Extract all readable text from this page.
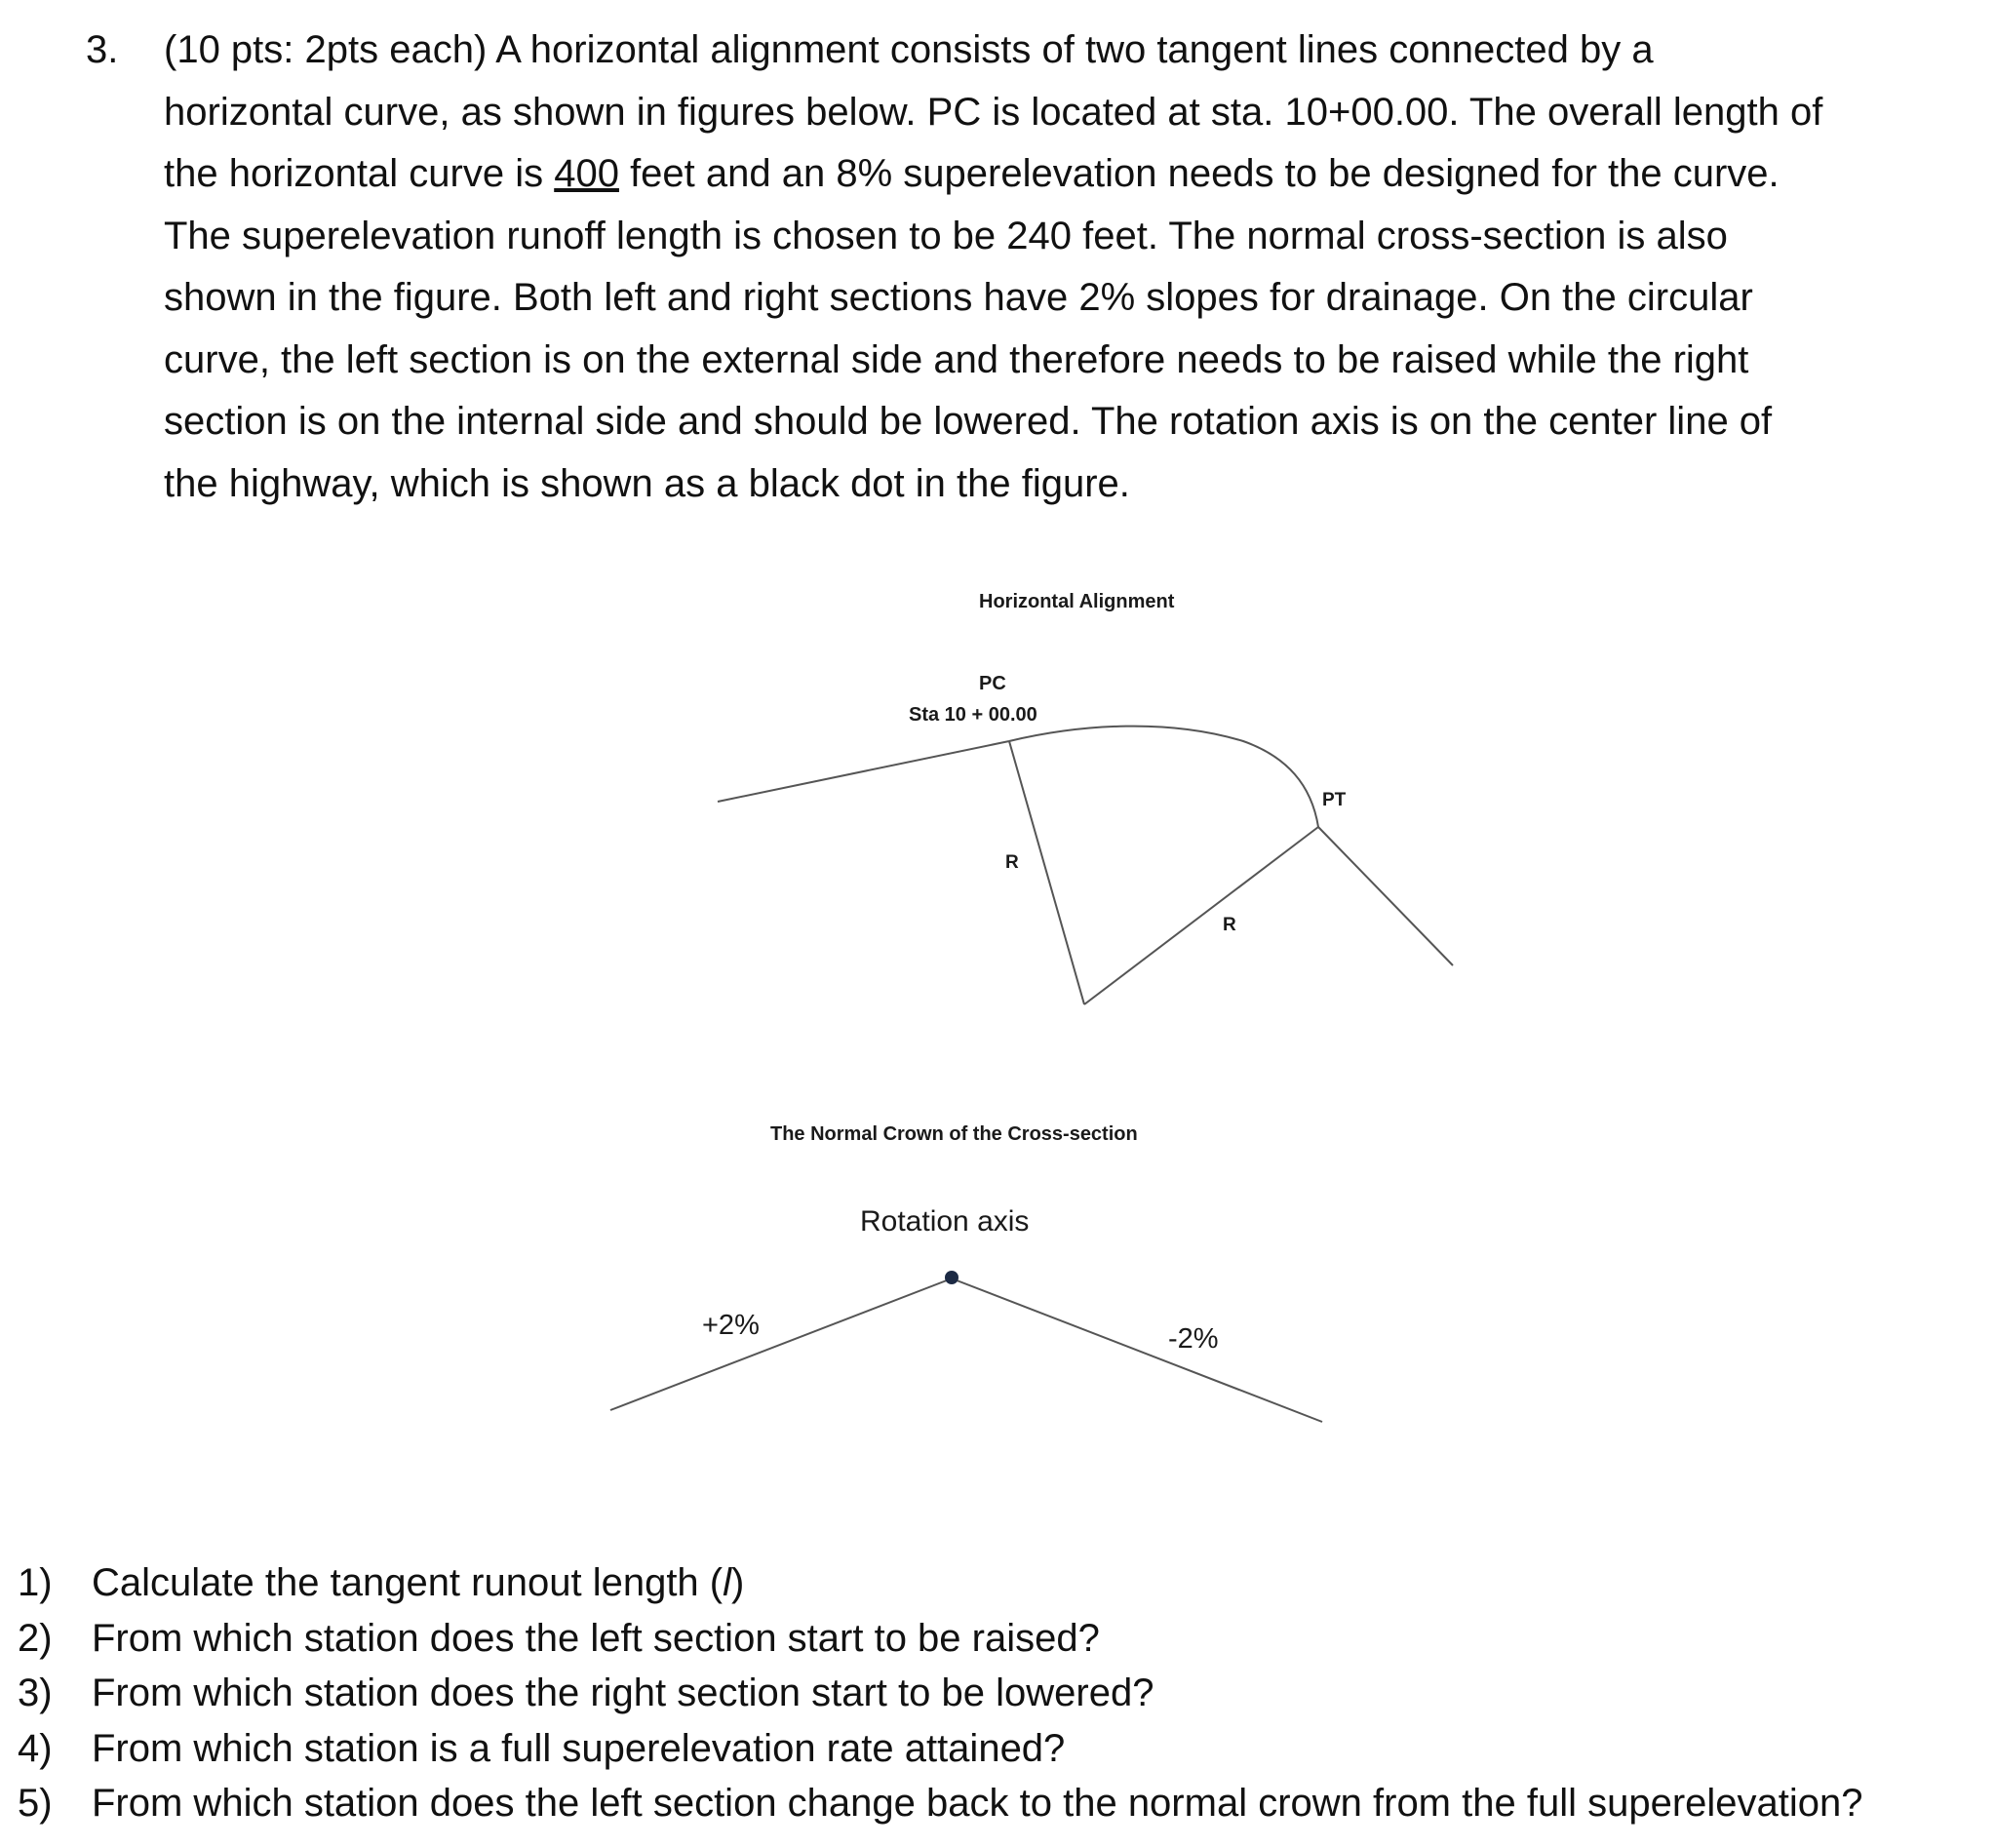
3. (10 pts: 2pts each) A horizontal alignment consists of two tangent lines connected by a
horizontal curve, as shown in figures below. PC is located at sta. 10+00.00. The overall length of
the horizontal curve is 400 feet and an 8% superelevation needs to be designed for the curve.
The superelevation runoff length is chosen to be 240 feet. The normal cross-section is also
shown in the figure. Both left and right sections have 2% slopes for drainage. On the circular
curve, the left section is on the external side and therefore needs to be raised while the right
section is on the internal side and should be lowered. The rotation axis is on the center line of
the highway, which is shown as a black dot in the figure.
Horizontal Alignment
PC
Sta 10 + 00.00
PT
R
R
The Normal Crown of the Cross-section
Rotation axis
+2%	-2%
1) Calculate the tangent runout length (l)
2) From which station does the left section start to be raised?
3) From which station does the right section start to be lowered?
4) From which station is a full superelevation rate attained?
5) From which station does the left section change back to the normal crown from the full superelevation?
